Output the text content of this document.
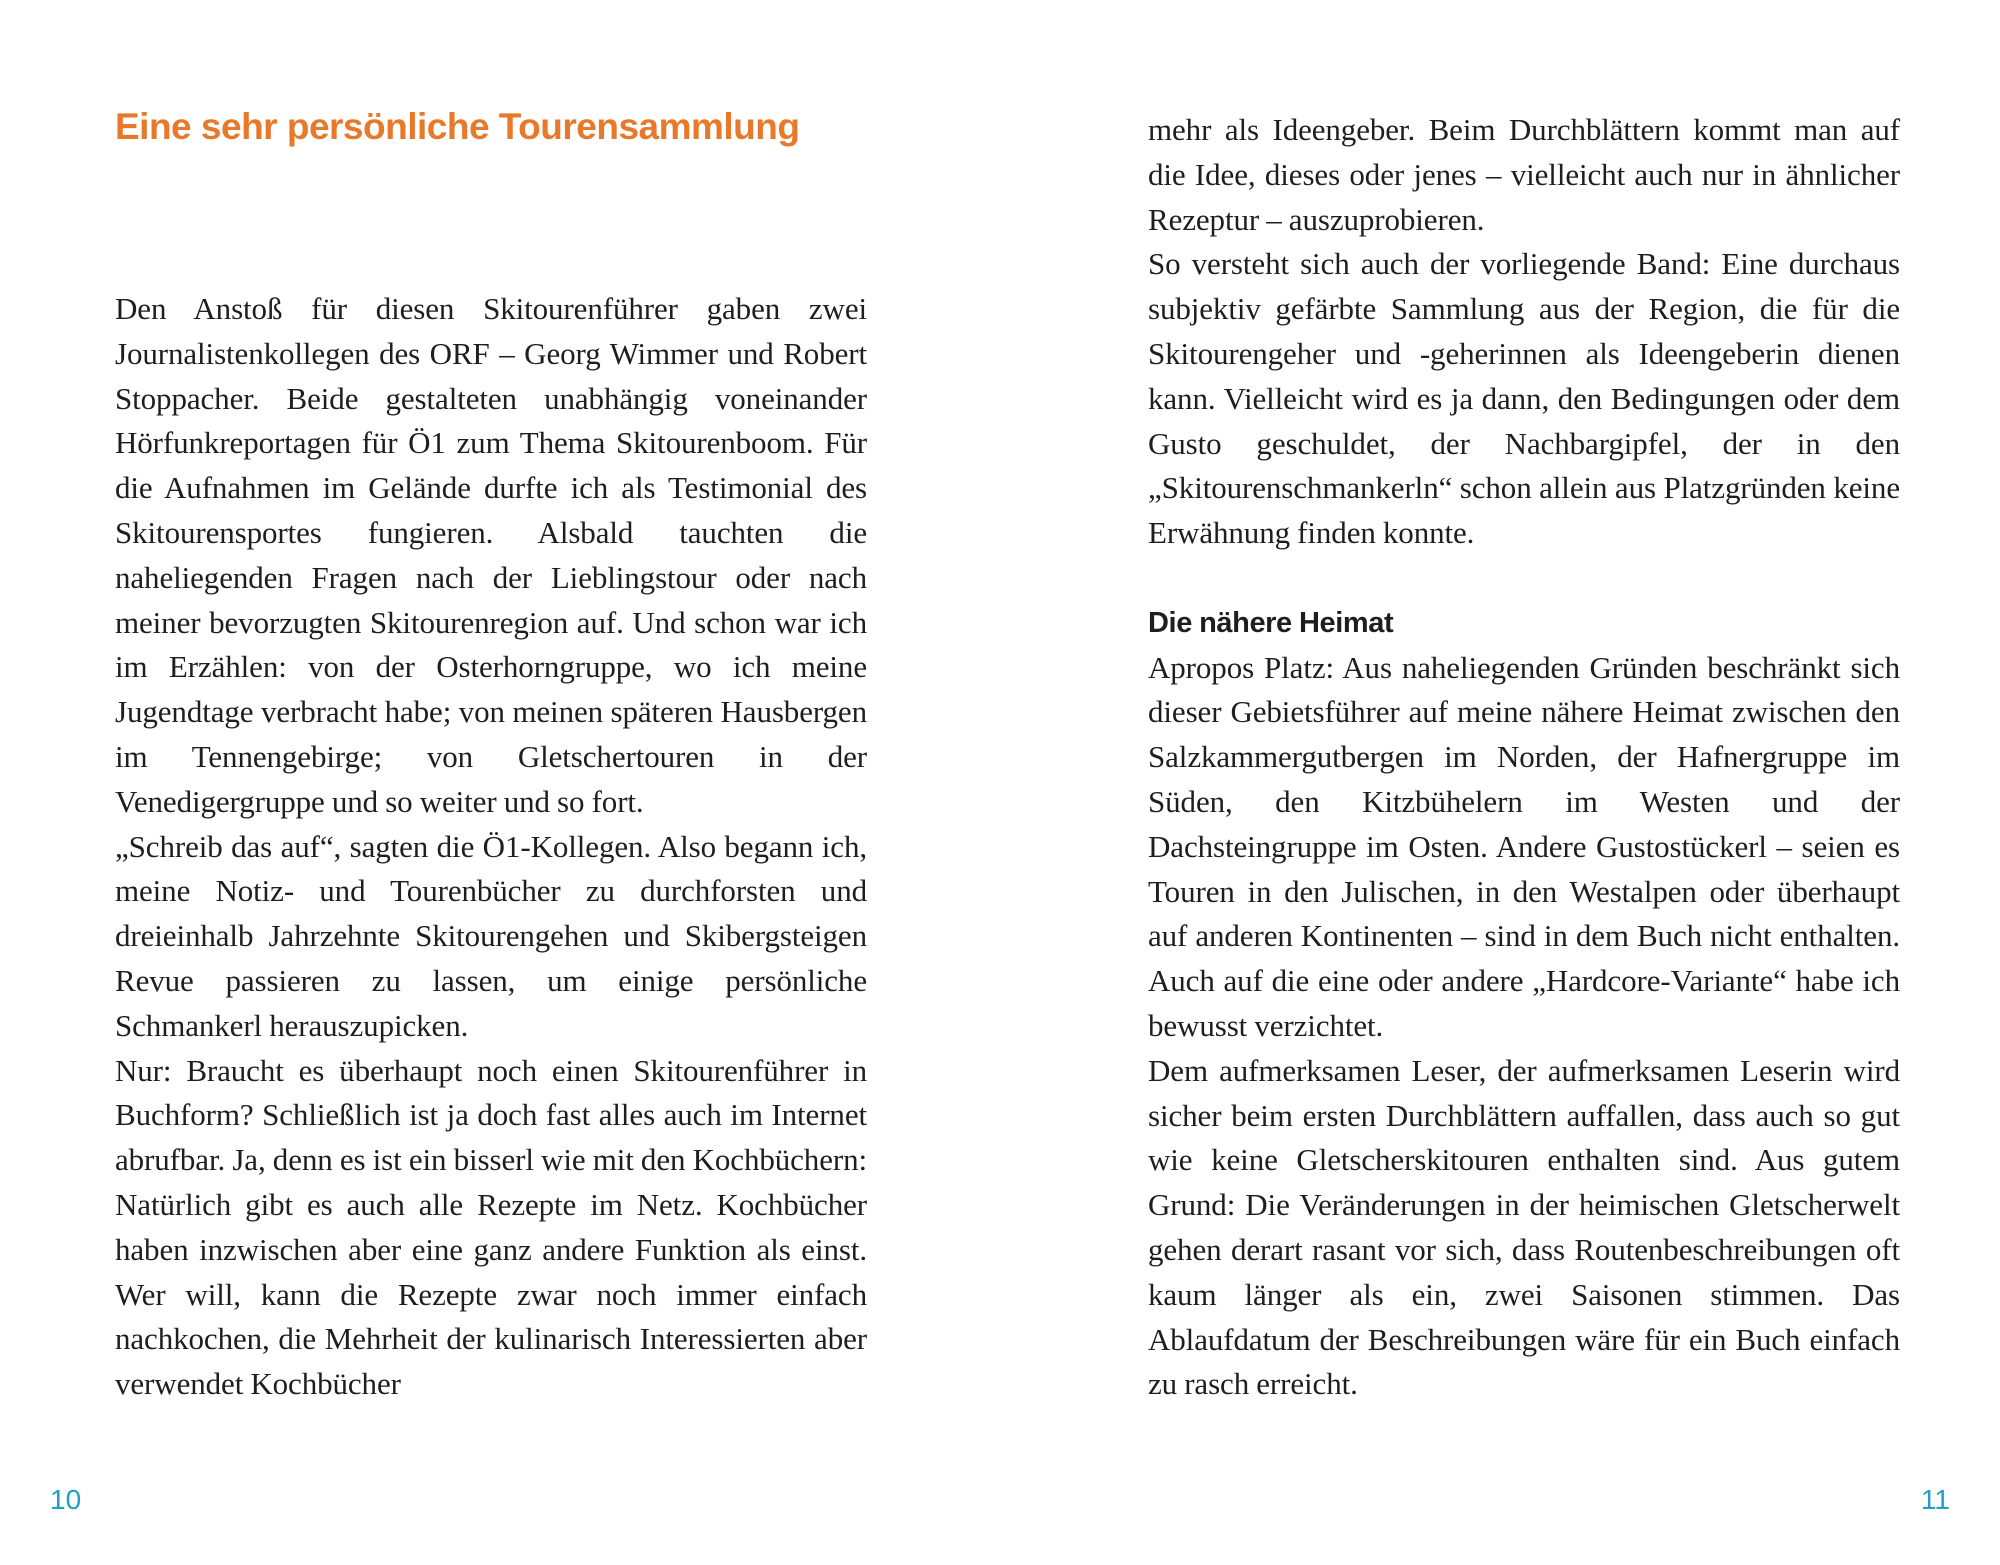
Eine sehr persönliche Tourensammlung

Den Anstoß für diesen Skitourenführer gaben zwei Journalistenkollegen des ORF – Georg Wimmer und Robert Stoppacher. Beide gestalteten unabhängig voneinander Hörfunkreportagen für Ö1 zum Thema Skitourenboom. Für die Aufnahmen im Gelände durfte ich als Testimonial des Skitourensportes fungieren. Alsbald tauchten die naheliegenden Fragen nach der Lieblingstour oder nach meiner bevorzugten Skitourenregion auf. Und schon war ich im Erzählen: von der Osterhorngruppe, wo ich meine Jugendtage verbracht habe; von meinen späteren Hausbergen im Tennengebirge; von Gletschertouren in der Venedigergruppe und so weiter und so fort.

„Schreib das auf“, sagten die Ö1-Kollegen. Also begann ich, meine Notiz- und Tourenbücher zu durchforsten und dreieinhalb Jahrzehnte Skitourengehen und Skibergsteigen Revue passieren zu lassen, um einige persönliche Schmankerl herauszupicken.

Nur: Braucht es überhaupt noch einen Skitourenführer in Buchform? Schließlich ist ja doch fast alles auch im Internet abrufbar. Ja, denn es ist ein bisserl wie mit den Kochbüchern: Natürlich gibt es auch alle Rezepte im Netz. Kochbücher haben inzwischen aber eine ganz andere Funktion als einst. Wer will, kann die Rezepte zwar noch immer einfach nachkochen, die Mehrheit der kulinarisch Interessierten aber verwendet Kochbücher

10

mehr als Ideengeber. Beim Durchblättern kommt man auf die Idee, dieses oder jenes – vielleicht auch nur in ähnlicher Rezeptur – auszuprobieren.

So versteht sich auch der vorliegende Band: Eine durchaus subjektiv gefärbte Sammlung aus der Region, die für die Skitourengeher und -geherinnen als Ideengeberin dienen kann. Vielleicht wird es ja dann, den Bedingungen oder dem Gusto geschuldet, der Nachbargipfel, der in den „Skitourenschmankerln“ schon allein aus Platzgründen keine Erwähnung finden konnte.

Die nähere Heimat

Apropos Platz: Aus naheliegenden Gründen beschränkt sich dieser Gebietsführer auf meine nähere Heimat zwischen den Salzkammergutbergen im Norden, der Hafnergruppe im Süden, den Kitzbühelern im Westen und der Dachsteingruppe im Osten. Andere Gustostückerl – seien es Touren in den Julischen, in den Westalpen oder überhaupt auf anderen Kontinenten – sind in dem Buch nicht enthalten. Auch auf die eine oder andere „Hardcore-Variante“ habe ich bewusst verzichtet.

Dem aufmerksamen Leser, der aufmerksamen Leserin wird sicher beim ersten Durchblättern auffallen, dass auch so gut wie keine Gletscherskitouren enthalten sind. Aus gutem Grund: Die Veränderungen in der heimischen Gletscherwelt gehen derart rasant vor sich, dass Routenbeschreibungen oft kaum länger als ein, zwei Saisonen stimmen. Das Ablaufdatum der Beschreibungen wäre für ein Buch einfach zu rasch erreicht.

11
